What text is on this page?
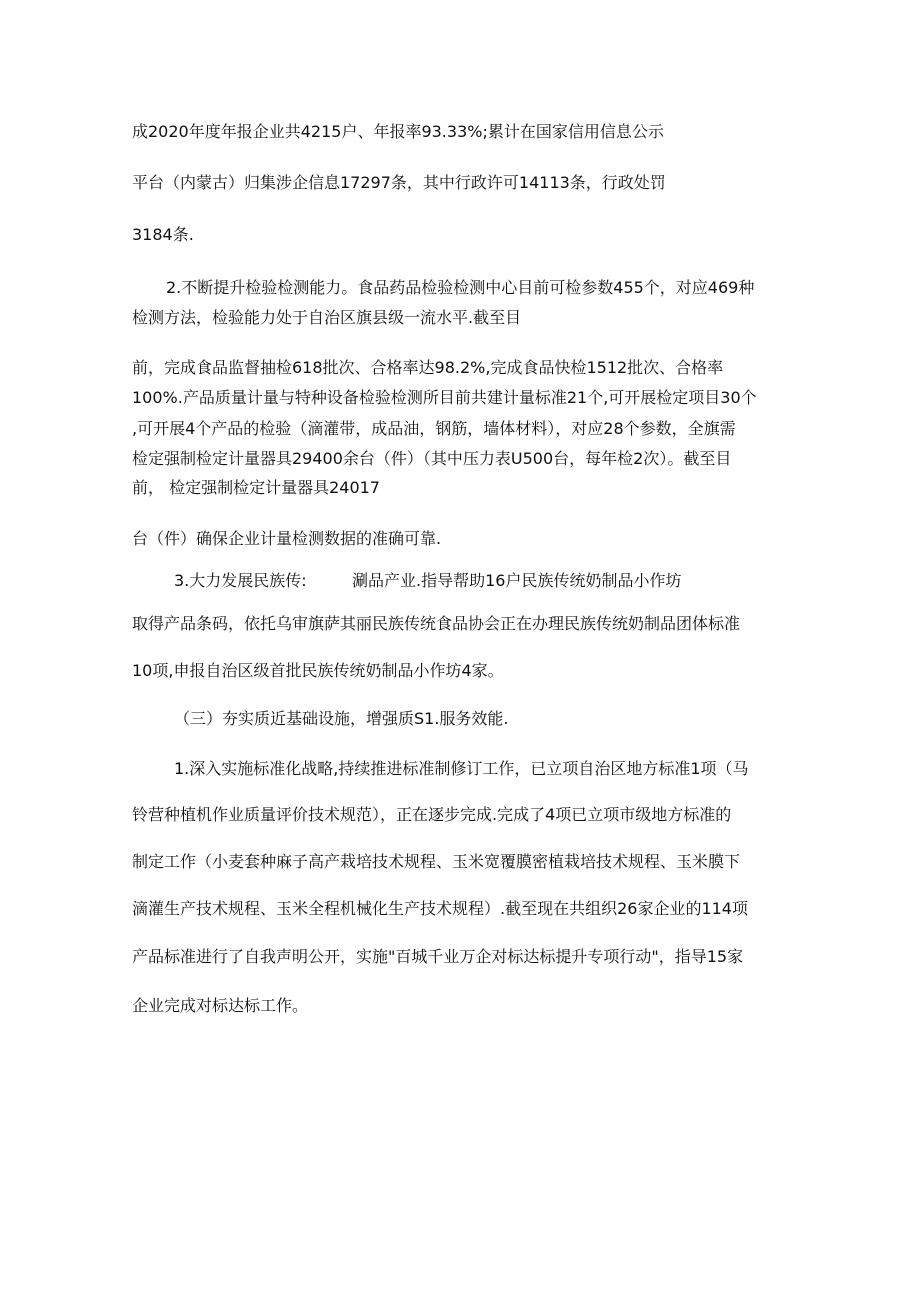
成2020年度年报企业共4215户、年报率93.33%;累计在国家信用信息公示
平台（内蒙古）归集涉企信息17297条，其中行政许可14113条，行政处罚
3184条.
2.不断提升检验检测能力。食品药品检验检测中心目前可检参数455个，对应469种
检测方法，检验能力处于自治区旗县级一流水平.截至目
前，完成食品监督抽检618批次、合格率达98.2%,完成食品快检1512批次、合格率
100%.产品质量计量与特种设备检验检测所目前共建计量标准21个,可开展检定项目30个
,可开展4个产品的检验（滴灌带，成品油，钢筋，墙体材料），对应28个参数，全旗需
检定强制检定计量器具29400余台（件）（其中压力表U500台，每年检2次）。截至目
前， 检定强制检定计量器具24017
台（件）确保企业计量检测数据的准确可靠.
3.大力发展民族传:	涮品产业.指导帮助16户民族传统奶制品小作坊
取得产品条码，依托乌审旗萨其丽民族传统食品协会正在办理民族传统奶制品团体标准
10项,申报自治区级首批民族传统奶制品小作坊4家。
（三）夯实质近基础设施，增强质S1.服务效能.
1.深入实施标准化战略,持续推进标准制修订工作，已立项自治区地方标准1项（马
铃营种植机作业质量评价技术规范），正在逐步完成.完成了4项已立项市级地方标准的
制定工作（小麦套种麻子高产栽培技术规程、玉米宽覆膜密植栽培技术规程、玉米膜下
滴灌生产技术规程、玉米全程机械化生产技术规程）.截至现在共组织26家企业的114项
产品标准进行了自我声明公开，实施"百城千业万企对标达标提升专项行动"，指导15家
企业完成对标达标工作。
